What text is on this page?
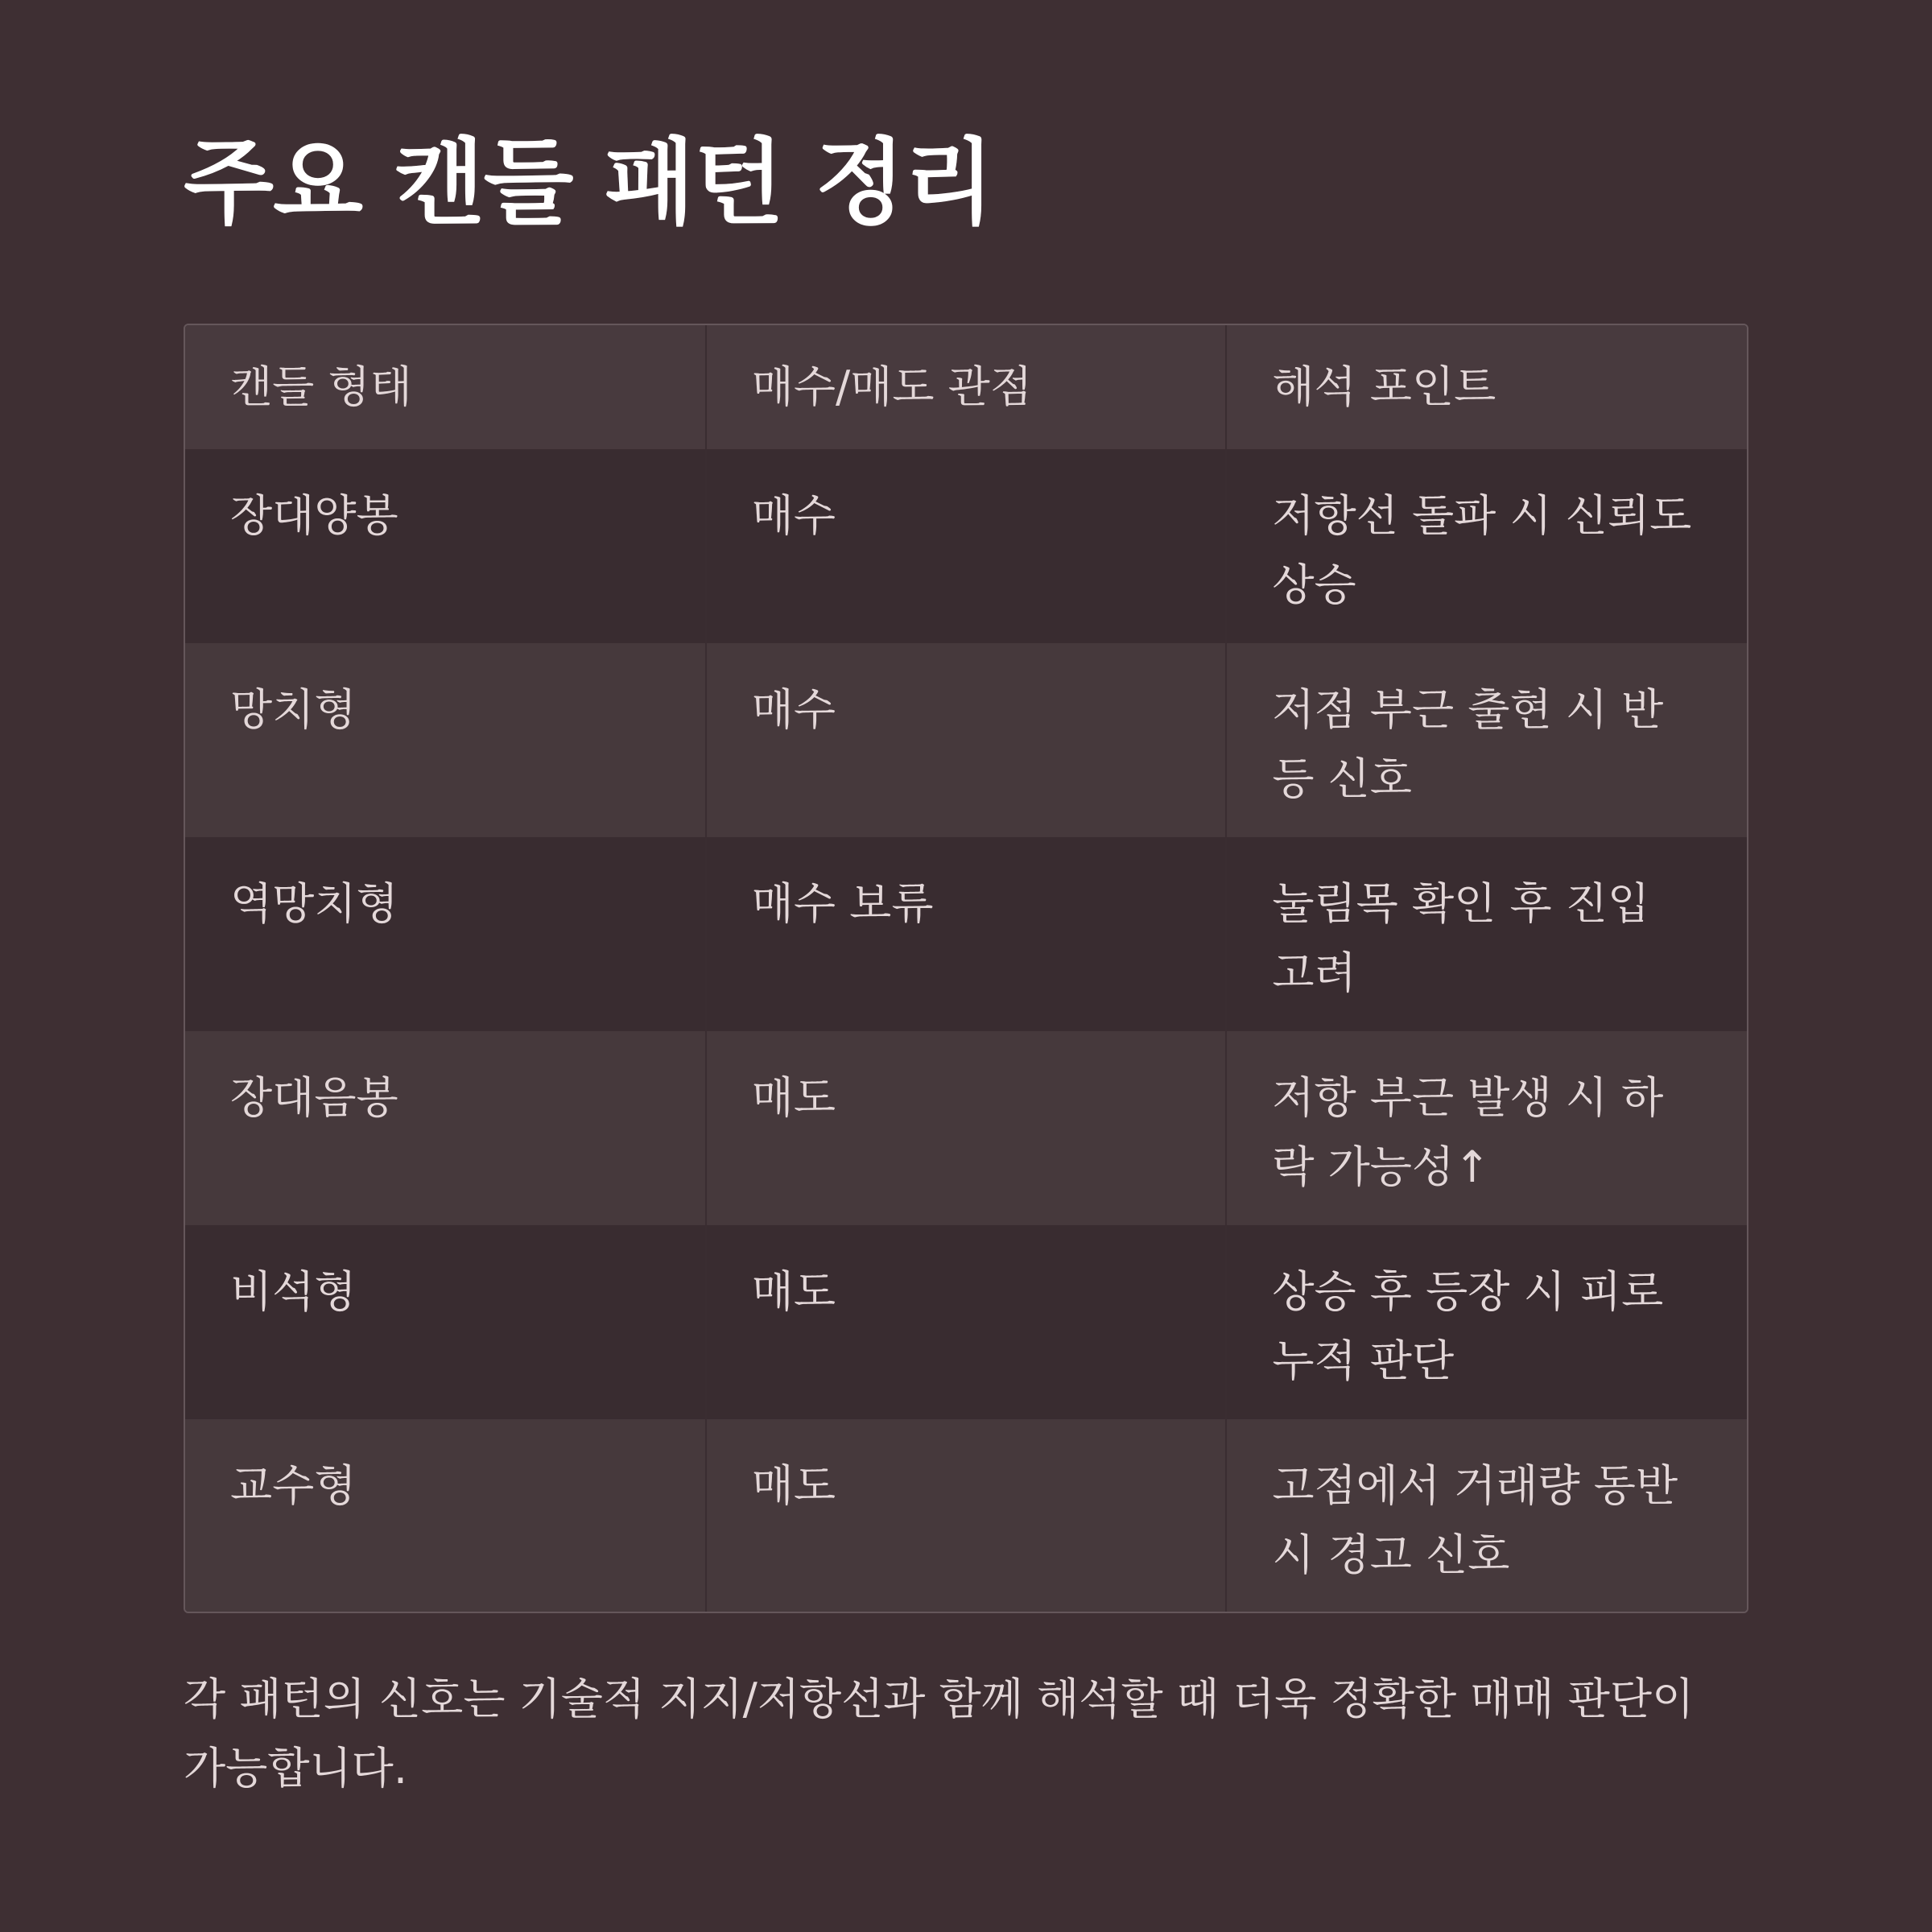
주요 캔들 패턴 정리
캔들 형태	매수/매도 관점	해석 포인트
장대양봉	매수	저항선 돌파 시 신뢰도 상승
망치형	매수	저점 부근 출현 시 반등 신호
역망치형	매수 보류	눌림목 확인 후 진입 고려
장대음봉	매도	저항 부근 발생 시 하락 가능성↑
비석형	매도	상승 후 등장 시 피로 누적 판단
교수형	매도	고점에서 거래량 동반 시 경고 신호

각 패턴의 신호는 기술적 지지/저항선과 함께 해석할 때 더욱 정확한 매매 판단이 가능합니다.
